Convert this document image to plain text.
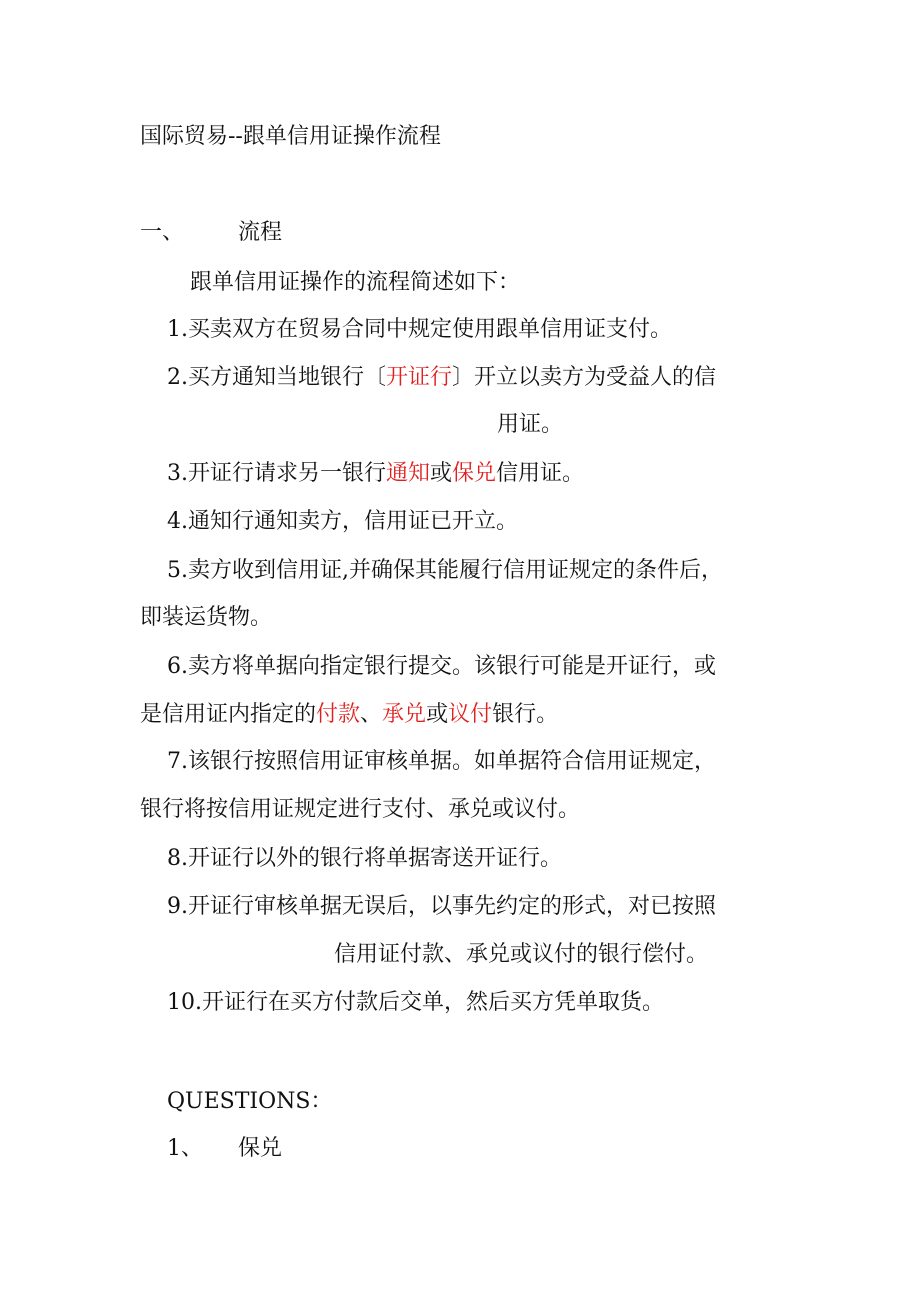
国际贸易--跟单信用证操作流程
一、 流程
跟单信用证操作的流程简述如下：
1.买卖双方在贸易合同中规定使用跟单信用证支付。
2.买方通知当地银行〔开证行〕开立以卖方为受益人的信
用证。
3.开证行请求另一银行通知或保兑信用证。
4.通知行通知卖方，信用证已开立。
5.卖方收到信用证,并确保其能履行信用证规定的条件后，
即装运货物。
6.卖方将单据向指定银行提交。该银行可能是开证行，或
是信用证内指定的付款、承兑或议付银行。
7.该银行按照信用证审核单据。如单据符合信用证规定，
银行将按信用证规定进行支付、承兑或议付。
8.开证行以外的银行将单据寄送开证行。
9.开证行审核单据无误后，以事先约定的形式，对已按照
信用证付款、承兑或议付的银行偿付。
10.开证行在买方付款后交单，然后买方凭单取货。
QUESTIONS：
1、 保兑
